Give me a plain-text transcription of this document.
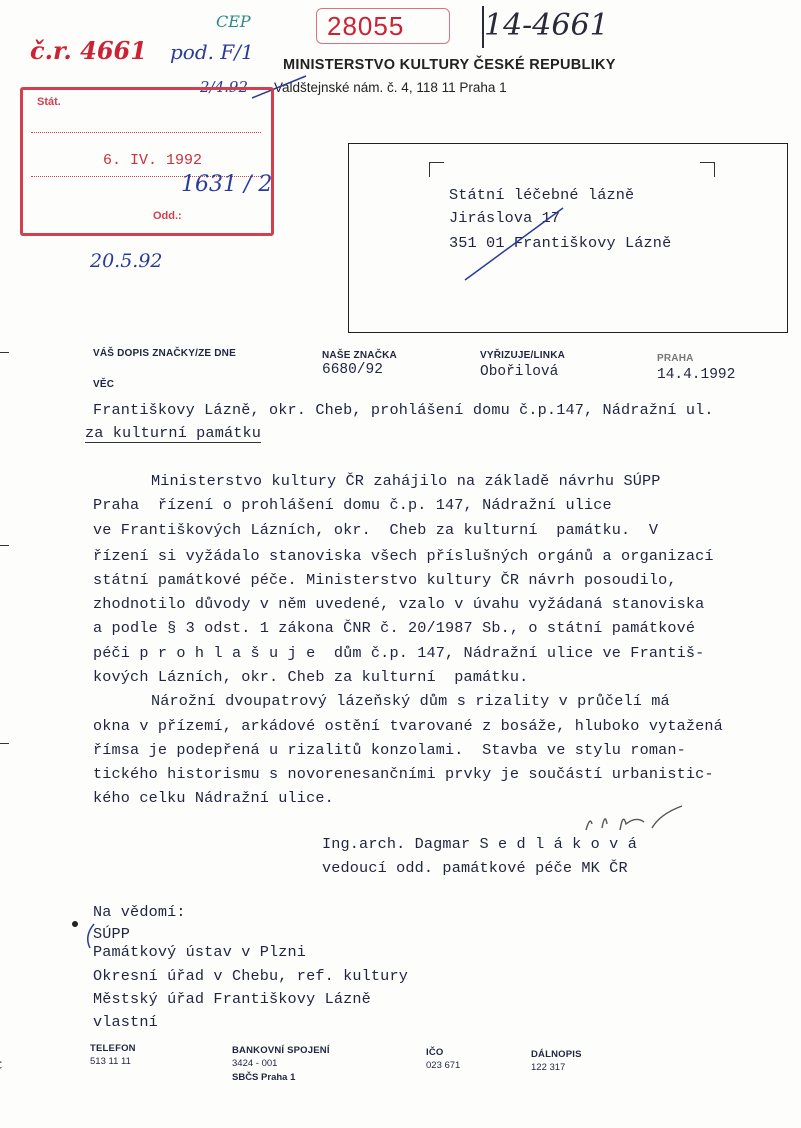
28055	14-4661
č.r. 4661
CEP
pod. F/1
2/4.92
MINISTERSTVO KULTURY ČESKÉ REPUBLIKY
Valdštejnské nám. č. 4, 118 11 Praha 1

Stát.

6. IV. 1992

1631 / 2

Odd.:

20.5.92

Státní léčebné lázně

Jiráslova 17

351 01 Františkovy Lázně

VÁŠ DOPIS ZNAČKY/ZE DNE	NAŠE ZNAČKA
6680/92
VYŘIZUJE/LINKA
Obořilová
PRAHA
14.4.1992
VĚC
Františkovy Lázně, okr. Cheb, prohlášení domu č.p.147, Nádražní ul.
za kulturní památku
Ministerstvo kultury ČR zahájilo na základě návrhu SÚPP
Praha  řízení o prohlášení domu č.p. 147, Nádražní ulice
ve Františkových Lázních, okr.  Cheb za kulturní  památku.  V
řízení si vyžádalo stanoviska všech příslušných orgánů a organizací
státní památkové péče. Ministerstvo kultury ČR návrh posoudilo,
zhodnotilo důvody v něm uvedené, vzalo v úvahu vyžádaná stanoviska
a podle § 3 odst. 1 zákona ČNR č. 20/1987 Sb., o státní památkové
péči p r o h l a š u j e  dům č.p. 147, Nádražní ulice ve Františ-
kových Lázních, okr. Cheb za kulturní  památku.
Nárožní dvoupatrový lázeňský dům s rizality v průčelí má
okna v přízemí, arkádové ostění tvarované z bosáže, hluboko vytažená
římsa je podepřená u rizalitů konzolami.  Stavba ve stylu roman-
tického historismu s novorenesančními prvky je součástí urbanistic-
kého celku Nádražní ulice.
Ing.arch. Dagmar S e d l á k o v á
vedoucí odd. památkové péče MK ČR
Na vědomí:
SÚPP
Památkový ústav v Plzni
Okresní úřad v Chebu, ref. kultury
Městský úřad Františkovy Lázně
vlastní
TELEFON
513 11 11
BANKOVNÍ SPOJENÍ
3424 - 001
SBČS Praha 1
IČO
023 671
DÁLNOPIS
122 317
